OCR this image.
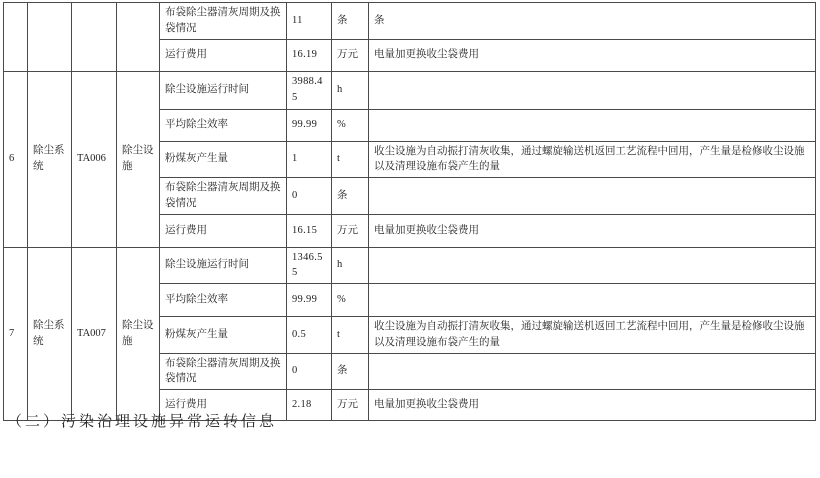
				布袋除尘器清灰周期及换袋情况	11	条	条
				运行费用	16.19	万元	电量加更换收尘袋费用
6	除尘系统	TA006	除尘设施	除尘设施运行时间	3988.45	h	
				平均除尘效率	99.99	%	
				粉煤灰产生量	1	t	收尘设施为自动振打清灰收集，通过螺旋输送机返回工艺流程中回用，产生量是检修收尘设施以及清理设施布袋产生的量
				布袋除尘器清灰周期及换袋情况	0	条	
				运行费用	16.15	万元	电量加更换收尘袋费用
7	除尘系统	TA007	除尘设施	除尘设施运行时间	1346.55	h	
				平均除尘效率	99.99	%	
				粉煤灰产生量	0.5	t	收尘设施为自动振打清灰收集，通过螺旋输送机返回工艺流程中回用，产生量是检修收尘设施以及清理设施布袋产生的量
				布袋除尘器清灰周期及换袋情况	0	条	
				运行费用	2.18	万元	电量加更换收尘袋费用
（二）污染治理设施异常运转信息
